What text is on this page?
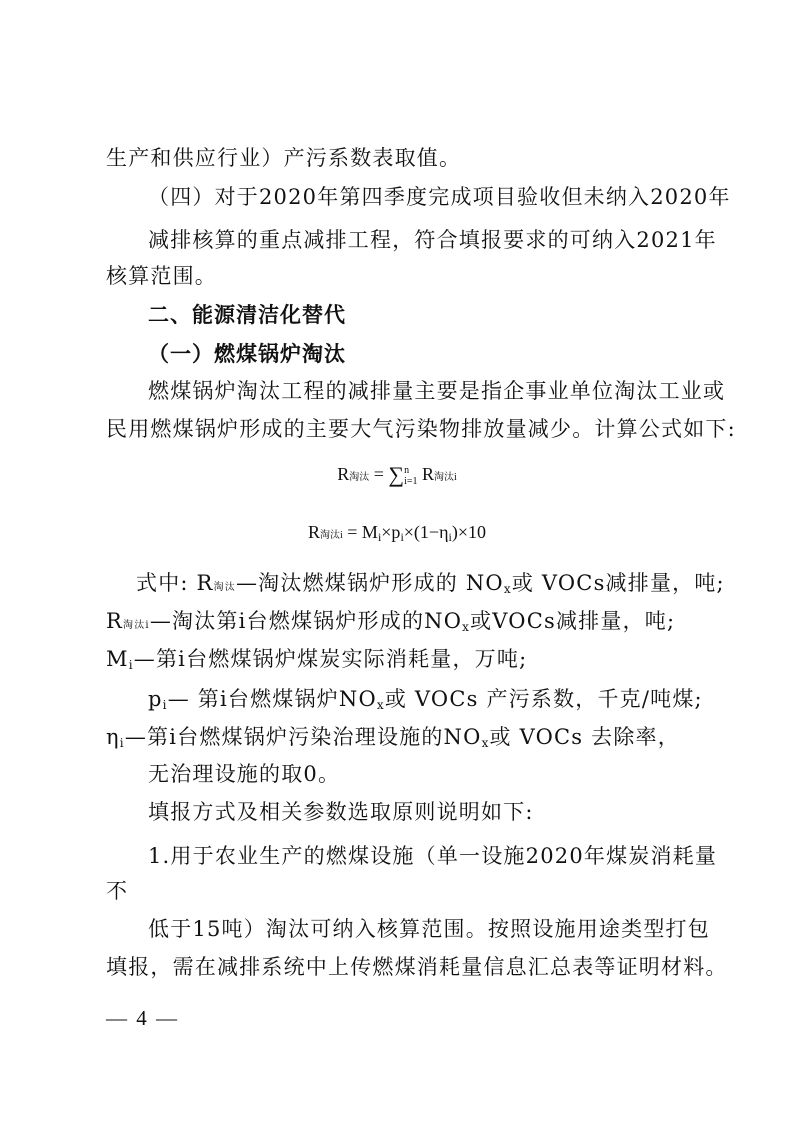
生产和供应行业）产污系数表取值。
（四）对于2020年第四季度完成项目验收但未纳入2020年
减排核算的重点减排工程，符合填报要求的可纳入2021年
核算范围。
二、能源清洁化替代
（一）燃煤锅炉淘汰
燃煤锅炉淘汰工程的减排量主要是指企事业单位淘汰工业或
民用燃煤锅炉形成的主要大气污染物排放量减少。计算公式如下:
R淘汰 = ∑n
i=1 R淘汰i
R淘汰$i = M_i\times p_i\times(1-\eta_i)\times 10$
式中: R淘汰—淘汰燃煤锅炉形成的 $NO_x$或 VOCs减排量，吨;
R淘汰i—淘汰第i台燃煤锅炉形成的$NO_x$或VOCs减排量，吨;
$M_i—$第i台燃煤锅炉煤炭实际消耗量，万吨;
$p_i—$ 第i台燃煤锅炉$NO_x$或 VOCs 产污系数，千克/吨煤;
$\eta_i—$第i台燃煤锅炉污染治理设施的$NO_x$或 VOCs 去除率，
无治理设施的取0。
填报方式及相关参数选取原则说明如下:
1.用于农业生产的燃煤设施（单一设施2020年煤炭消耗量
不
低于15吨）淘汰可纳入核算范围。按照设施用途类型打包
填报，需在减排系统中上传燃煤消耗量信息汇总表等证明材料。
— 4 —
